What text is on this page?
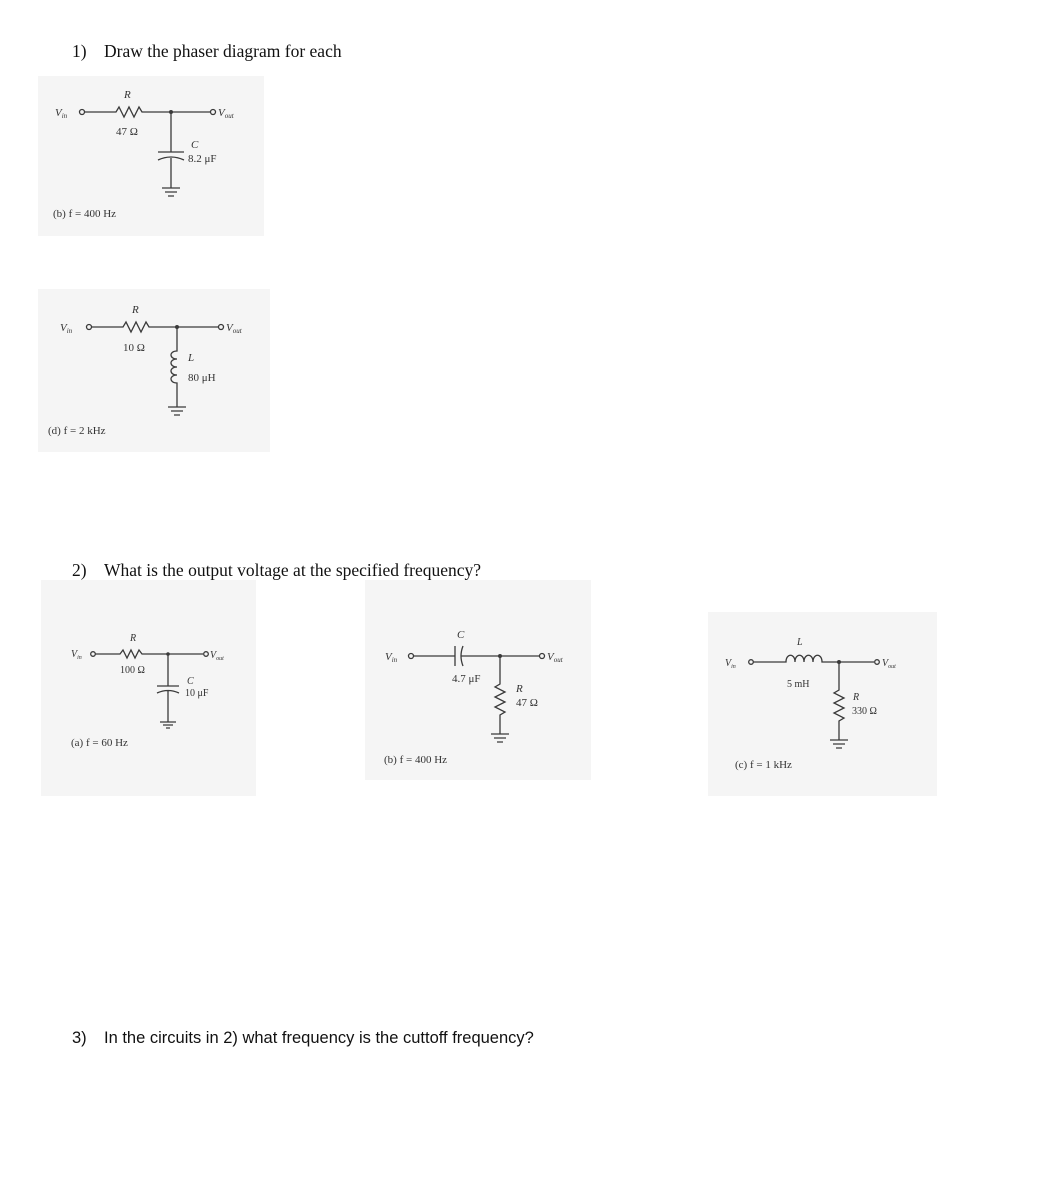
1) Draw the phaser diagram for each
Vin	Vout
R
47 Ω
C
8.2 μF
(b) f = 400 Hz
Vin	Vout
R
10 Ω
L
80 μH
(d) f = 2 kHz
2) What is the output voltage at the specified frequency?
$V_{in}$	$V_{out}$
R
100 Ω
C
10 μF
(a) f = 60 Hz
Vin	Vout
C
4.7 μF
R
47 Ω
(b) f = 400 Hz
$V_{in}$	$V_{out}$
L
5 mH
R
330 Ω
(c) f = 1 kHz
3) In the circuits in 2) what frequency is the cuttoff frequency?
